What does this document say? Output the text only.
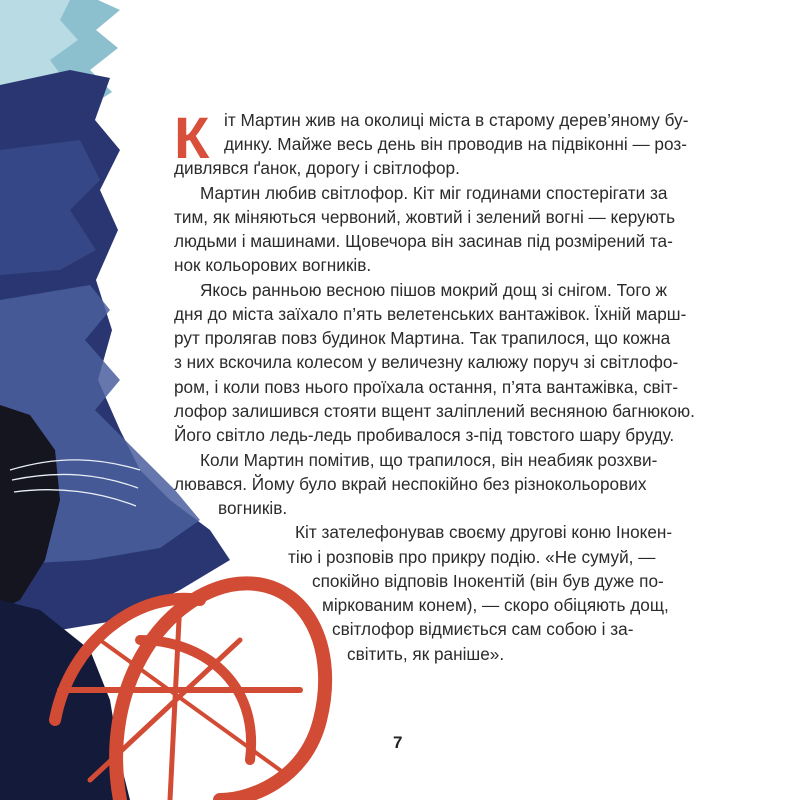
К іт Мартин жив на околиці міста в старому дерев’яному бу-
динку. Майже весь день він проводив на підвіконні — роз-
дивлявся ґанок, дорогу і світлофор.
Мартин любив світлофор. Кіт міг годинами спостерігати за
тим, як міняються червоний, жовтий і зелений вогні — керують
людьми і машинами. Щовечора він засинав під розмірений та-
нок кольорових вогників.
Якось ранньою весною пішов мокрий дощ зі снігом. Того ж
дня до міста заїхало п’ять велетенських вантажівок. Їхній марш-
рут пролягав повз будинок Мартина. Так трапилося, що кожна
з них вскочила колесом у величезну калюжу поруч зі світлофо-
ром, і коли повз нього проїхала остання, п’ята вантажівка, світ-
лофор залишився стояти вщент заліплений весняною багнюкою.
Його світло ледь-ледь пробивалося з-під товстого шару бруду.
Коли Мартин помітив, що трапилося, він неабияк розхви-
лювався. Йому було вкрай неспокійно без різнокольорових
вогників.
Кіт зателефонував своєму другові коню Інокен-
тію і розповів про прикру подію. «Не сумуй, —
спокійно відповів Інокентій (він був дуже по-
міркованим конем), — скоро обіцяють дощ,
світлофор відмиється сам собою і за-
світить, як раніше».
7
